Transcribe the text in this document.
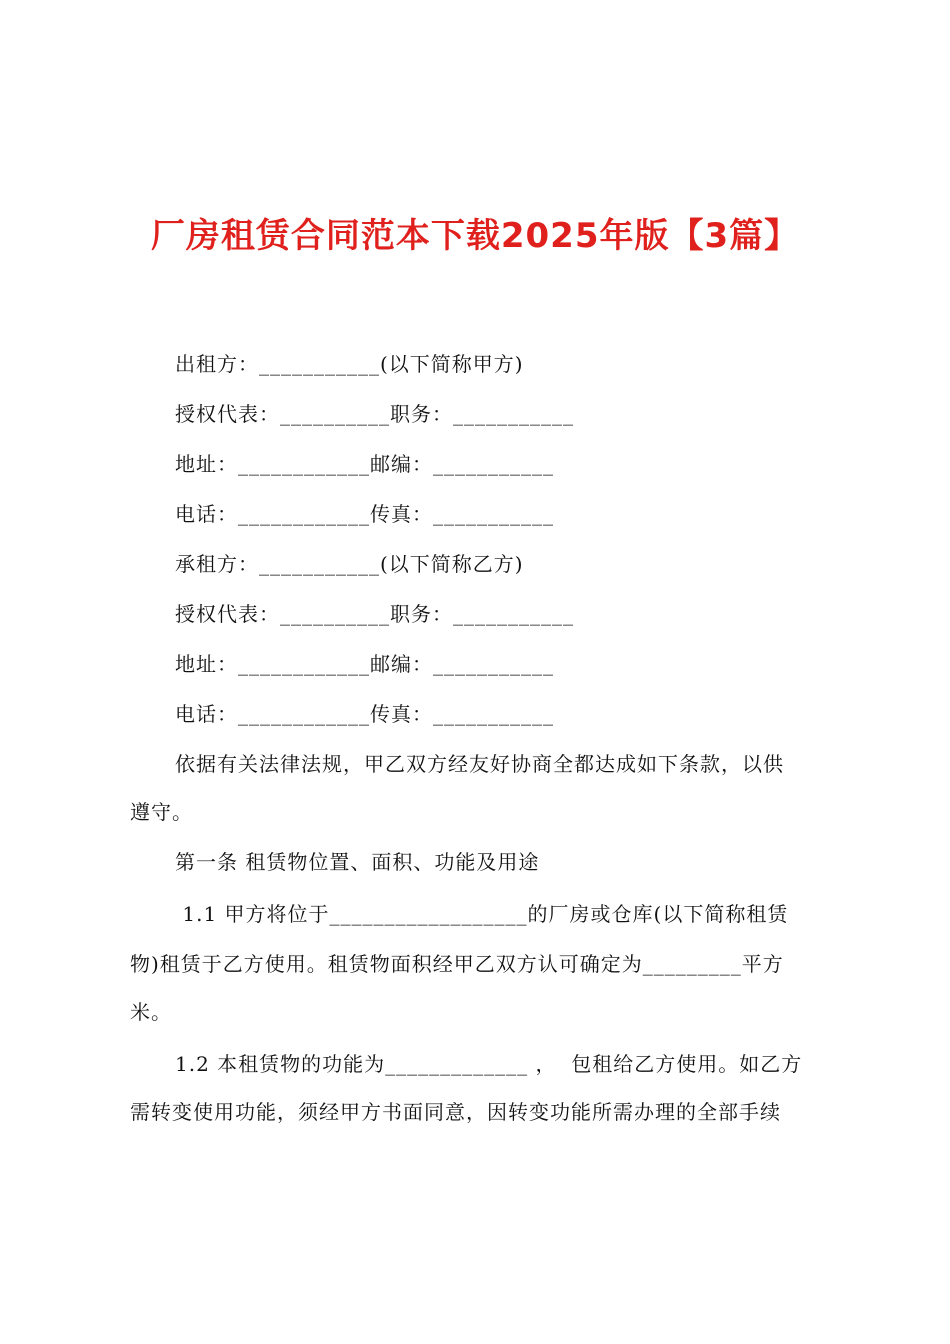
厂房租赁合同范本下载2025年版【3篇】
出租方：___________(以下简称甲方)
授权代表：__________职务：___________
地址：____________邮编：___________
电话：____________传真：___________
承租方：___________(以下简称乙方)
授权代表：__________职务：___________
地址：____________邮编：___________
电话：____________传真：___________
依据有关法律法规，甲乙双方经友好协商全都达成如下条款，以供
遵守。
第一条 租赁物位置、面积、功能及用途
1.1 甲方将位于__________________的厂房或仓库(以下简称租赁
物)租赁于乙方使用。租赁物面积经甲乙双方认可确定为_________平方
米。
1.2 本租赁物的功能为_____________ ，  包租给乙方使用。如乙方
需转变使用功能，须经甲方书面同意，因转变功能所需办理的全部手续
